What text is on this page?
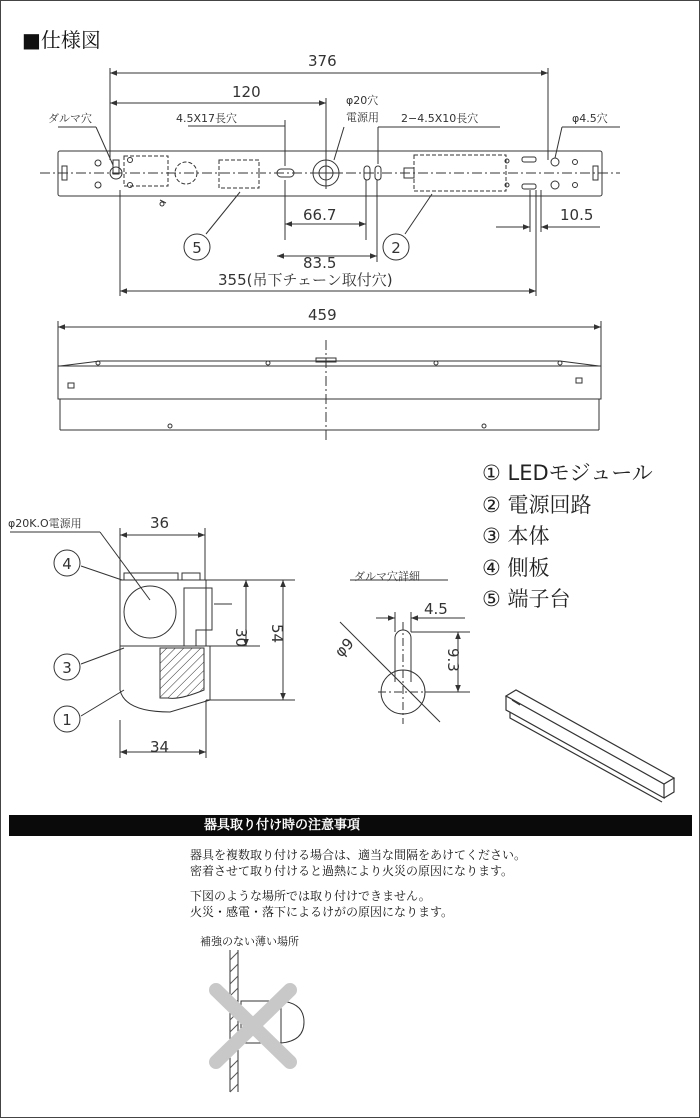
■仕様図
376
120
83.5
66.7	10.5
355(吊下チェーン取付穴)
459
36
34
4.5
4.5X17長穴
φ20穴
電源用 2−4.5X10長穴
ダルマ穴	φ4.5穴
φ20K.O電源用
ダルマ穴詳細
30 54
9.3
φ9
5	2
4
3
1
① LEDモジュール
② 電源回路
③ 本体
④ 側板
⑤ 端子台
器具取り付け時の注意事項
器具を複数取り付ける場合は、適当な間隔をあけてください。
密着させて取り付けると過熱により火災の原因になります。
下図のような場所では取り付けできません。
火災・感電・落下によるけがの原因になります。
補強のない薄い場所
